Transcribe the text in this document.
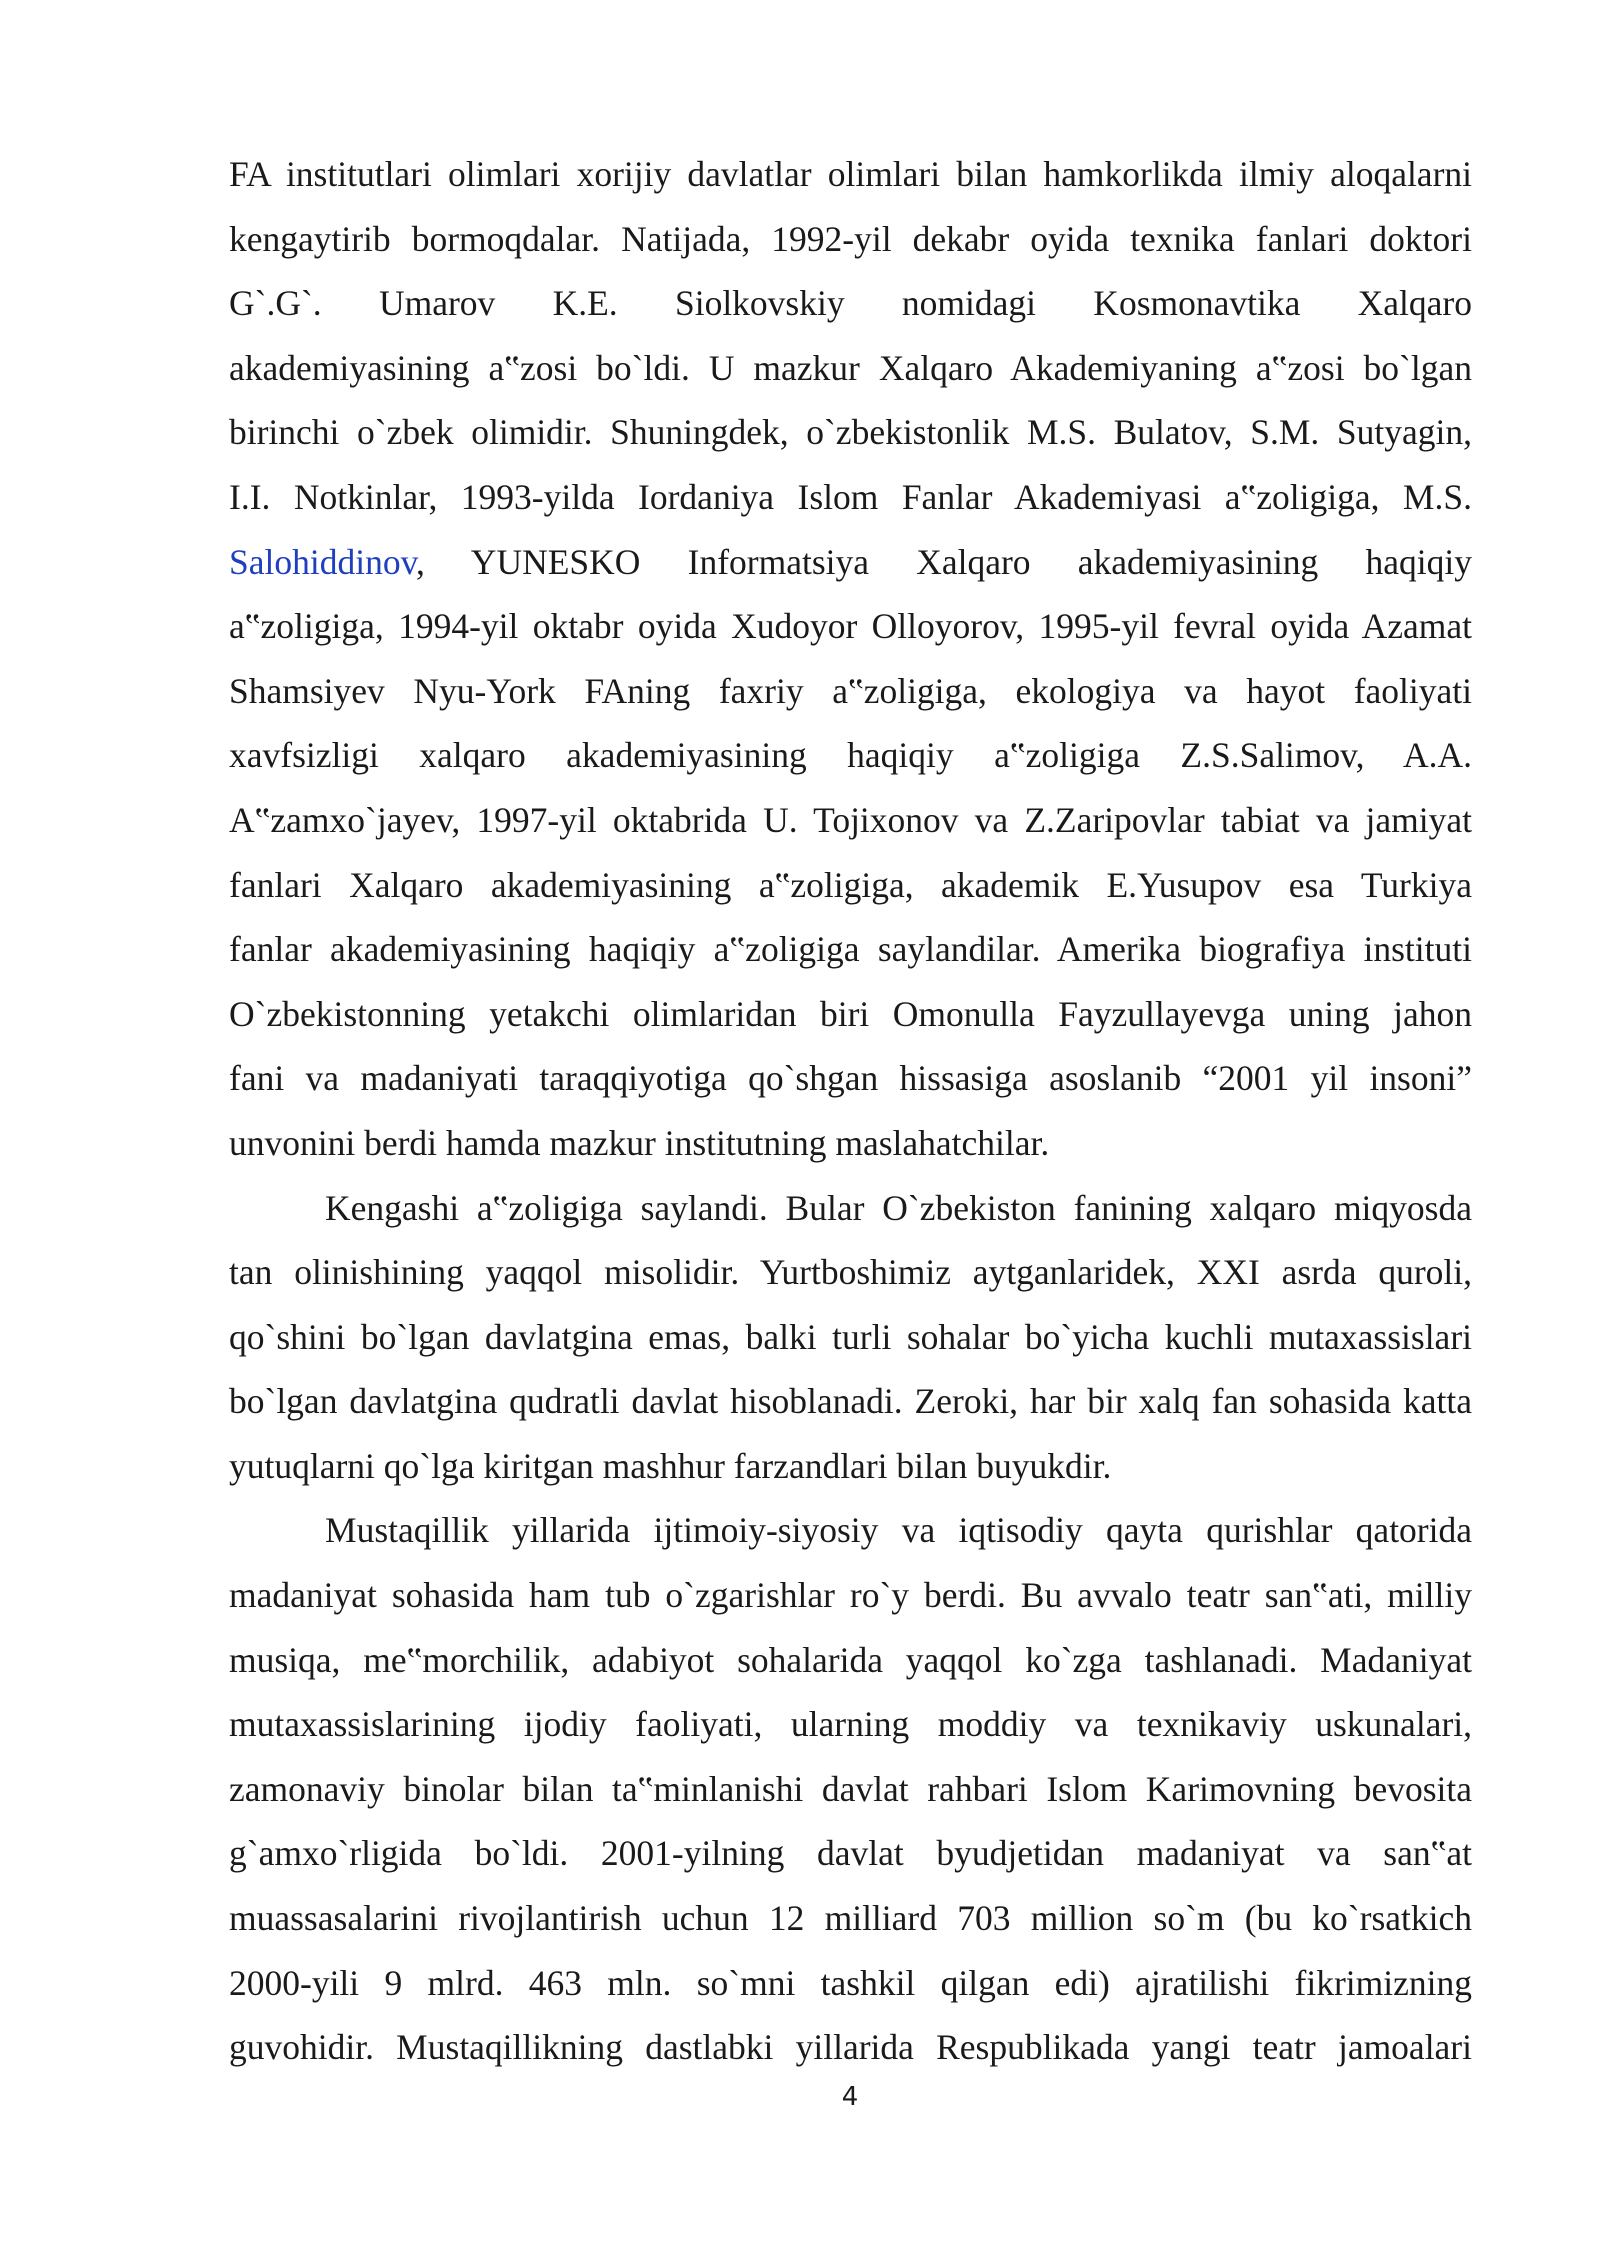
FA institutlari olimlari xorijiy davlatlar olimlari bilan hamkorlikda ilmiy aloqalarni
kengaytirib bormoqdalar. Natijada, 1992-yil dekabr oyida texnika fanlari doktori
G`.G`. Umarov K.E. Siolkovskiy nomidagi Kosmonavtika Xalqaro
akademiyasining a‟zosi bo`ldi. U mazkur Xalqaro Akademiyaning a‟zosi bo`lgan
birinchi o`zbek olimidir. Shuningdek, o`zbekistonlik M.S. Bulatov, S.M. Sutyagin,
I.I. Notkinlar, 1993-yilda Iordaniya Islom Fanlar Akademiyasi a‟zoligiga, M.S.
Salohiddinov, YUNESKO Informatsiya Xalqaro akademiyasining haqiqiy
a‟zoligiga, 1994-yil oktabr oyida Xudoyor Olloyorov, 1995-yil fevral oyida Azamat
Shamsiyev Nyu-York FAning faxriy a‟zoligiga, ekologiya va hayot faoliyati
xavfsizligi xalqaro akademiyasining haqiqiy a‟zoligiga Z.S.Salimov, A.A.
A‟zamxo`jayev, 1997-yil oktabrida U. Tojixonov va Z.Zaripovlar tabiat va jamiyat
fanlari Xalqaro akademiyasining a‟zoligiga, akademik E.Yusupov esa Turkiya
fanlar akademiyasining haqiqiy a‟zoligiga saylandilar. Amerika biografiya instituti
O`zbekistonning yetakchi olimlaridan biri Omonulla Fayzullayevga uning jahon
fani va madaniyati taraqqiyotiga qo`shgan hissasiga asoslanib “2001 yil insoni”
unvonini berdi hamda mazkur institutning maslahatchilar.
Kengashi a‟zoligiga saylandi. Bular O`zbekiston fanining xalqaro miqyosda
tan olinishining yaqqol misolidir. Yurtboshimiz aytganlaridek, XXI asrda quroli,
qo`shini bo`lgan davlatgina emas, balki turli sohalar bo`yicha kuchli mutaxassislari
bo`lgan davlatgina qudratli davlat hisoblanadi. Zeroki, har bir xalq fan sohasida katta
yutuqlarni qo`lga kiritgan mashhur farzandlari bilan buyukdir.
Mustaqillik yillarida ijtimoiy-siyosiy va iqtisodiy qayta qurishlar qatorida
madaniyat sohasida ham tub o`zgarishlar ro`y berdi. Bu avvalo teatr san‟ati, milliy
musiqa, me‟morchilik, adabiyot sohalarida yaqqol ko`zga tashlanadi. Madaniyat
mutaxassislarining ijodiy faoliyati, ularning moddiy va texnikaviy uskunalari,
zamonaviy binolar bilan ta‟minlanishi davlat rahbari Islom Karimovning bevosita
g`amxo`rligida bo`ldi. 2001-yilning davlat byudjetidan madaniyat va san‟at
muassasalarini rivojlantirish uchun 12 milliard 703 million so`m (bu ko`rsatkich
2000-yili 9 mlrd. 463 mln. so`mni tashkil qilgan edi) ajratilishi fikrimizning
guvohidir. Mustaqillikning dastlabki yillarida Respublikada yangi teatr jamoalari
4
